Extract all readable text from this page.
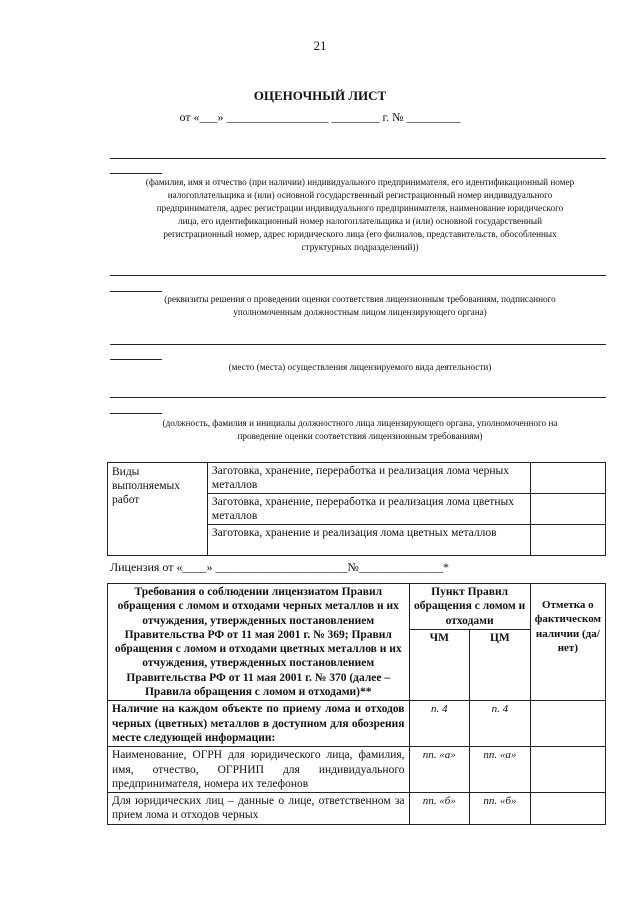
21
ОЦЕНОЧНЫЙ ЛИСТ
от «___» _________________ ________ г. № _________
(фамилия, имя и отчество (при наличии) индивидуального предпринимателя, его идентификационный номер
налогоплательщика и (или) основной государственный регистрационный номер индивидуального
предпринимателя, адрес регистрации индивидуального предпринимателя, наименование юридического
лица, его идентификационный номер налогоплательщика и (или) основной государственный
регистрационный номер, адрес юридического лица (его филиалов, представительств, обособленных
структурных подразделений))
(реквизиты решения о проведении оценки соответствия лицензионным требованиям, подписанного
уполномоченным должностным лицом лицензирующего органа)
(место (места) осуществления лицензируемого вида деятельности)
(должность, фамилия и инициалы должностного лица лицензирующего органа, уполномоченного на
проведение оценки соответствия лицензионным требованиям)
Виды выполняемых работ	Заготовка, хранение, переработка и реализация лома черных металлов	
	Заготовка, хранение, переработка и реализация лома цветных металлов	
	Заготовка, хранение и реализация лома цветных металлов	
Лицензия от «____» ______________________№______________*
Требования о соблюдении лицензиатом Правил обращения с ломом и отходами черных металлов и их отчуждения, утвержденных постановлением Правительства РФ от 11 мая 2001 г. № 369; Правил обращения с ломом и отходами цветных металлов и их отчуждения, утвержденных постановлением Правительства РФ от 11 мая 2001 г. № 370 (далее – Правила обращения с ломом и отходами)**	Пункт Правил обращения с ломом и отходами		Отметка о фактическом наличии (да/нет)
	ЧМ	ЦМ	
Наличие на каждом объекте по приему лома и отходов черных (цветных) металлов в доступном для обозрения месте следующей информации:	п. 4	п. 4	
Наименование, ОГРН для юридического лица, фамилия, имя, отчество, ОГРНИП для индивидуального предпринимателя, номера их телефонов	пп. «а»	пп. «а»	
Для юридических лиц – данные о лице, ответственном за прием лома и отходов черных	пп. «б»	пп. «б»	
